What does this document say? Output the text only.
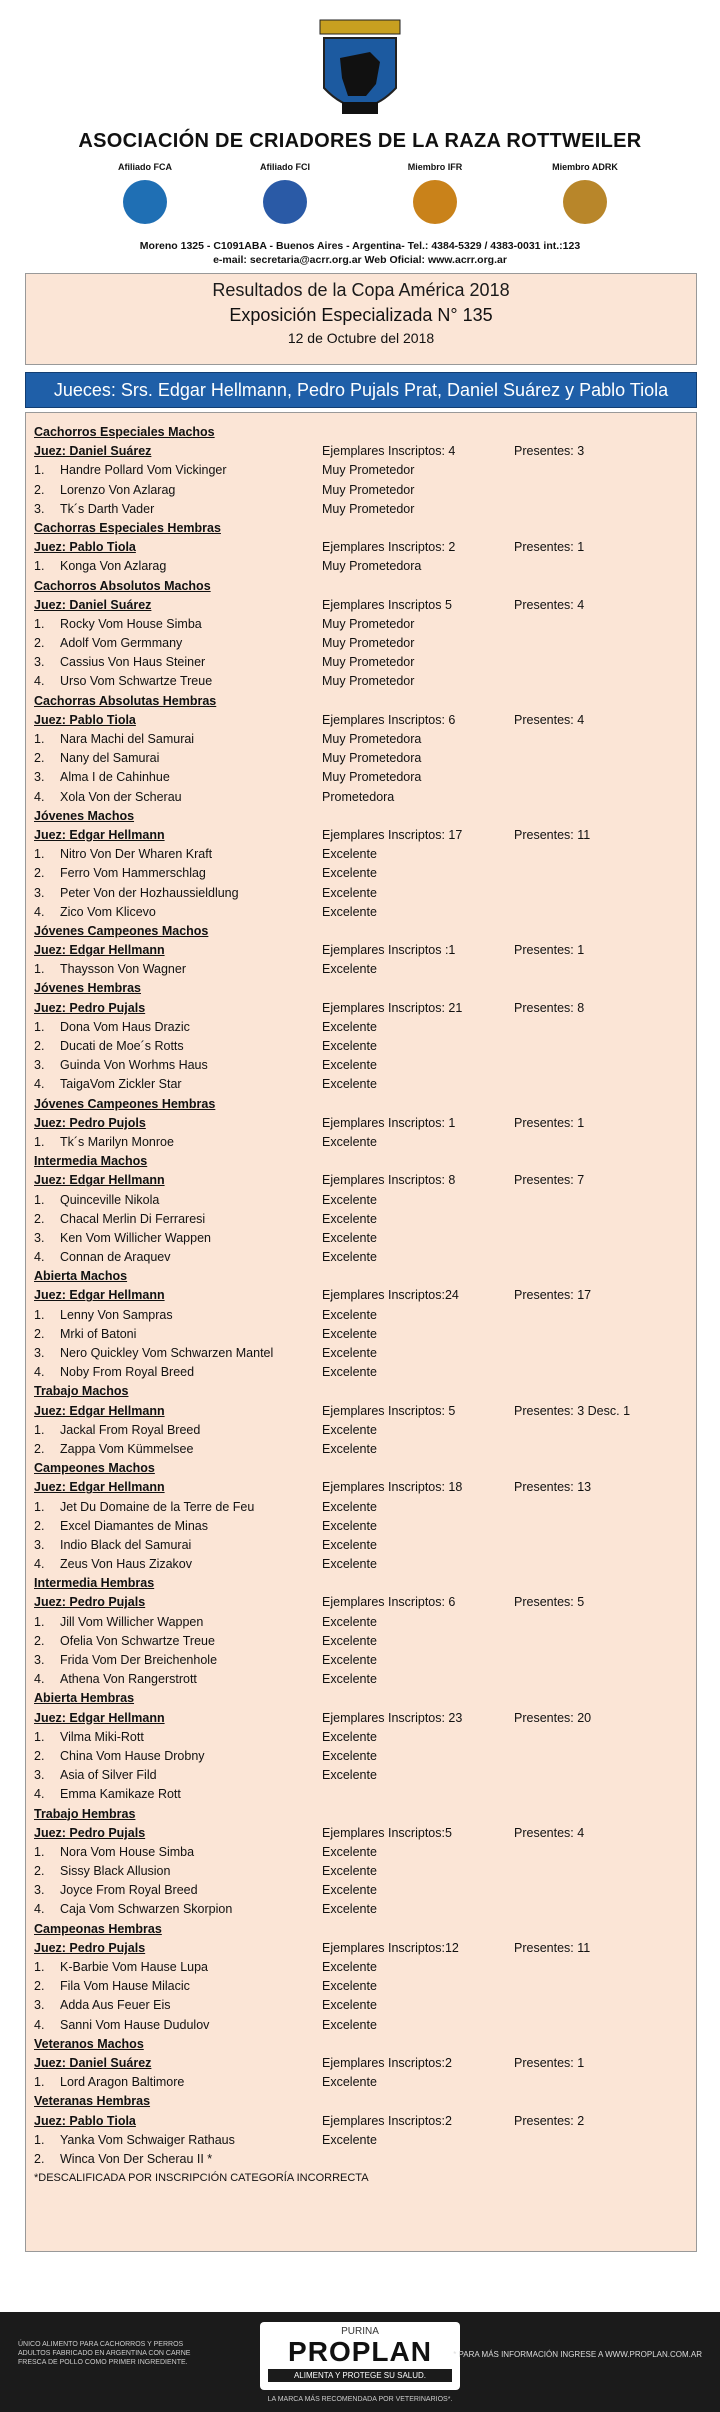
ASOCIACIÓN DE CRIADORES DE LA RAZA ROTTWEILER
Afiliado FCA	Afiliado FCI	Miembro IFR	Miembro ADRK
Moreno 1325 - C1091ABA - Buenos Aires - Argentina- Tel.: 4384-5329 / 4383-0031 int.:123
e-mail: secretaria@acrr.org.ar Web Oficial: www.acrr.org.ar
Resultados de la Copa América 2018
Exposición Especializada N° 135
12 de Octubre del 2018
Jueces: Srs. Edgar Hellmann, Pedro Pujals Prat, Daniel Suárez y Pablo Tiola
Cachorros Especiales Machos
Juez: Daniel Suárez	Ejemplares Inscriptos: 4	Presentes: 3
1. Handre Pollard Vom Vickinger	Muy Prometedor
2. Lorenzo Von Azlarag	Muy Prometedor
3. Tk´s Darth Vader	Muy Prometedor
Cachorras Especiales Hembras
Juez: Pablo Tiola	Ejemplares Inscriptos: 2	Presentes: 1
1. Konga Von Azlarag	Muy Prometedora
Cachorros Absolutos Machos
Juez: Daniel Suárez	Ejemplares Inscriptos 5	Presentes: 4
1. Rocky Vom House Simba	Muy Prometedor
2. Adolf Vom Germmany	Muy Prometedor
3. Cassius Von Haus Steiner	Muy Prometedor
4. Urso Vom Schwartze Treue	Muy Prometedor
Cachorras Absolutas Hembras
Juez: Pablo Tiola	Ejemplares Inscriptos: 6	Presentes: 4
1. Nara Machi del Samurai	Muy Prometedora
2. Nany del Samurai	Muy Prometedora
3. Alma I de Cahinhue	Muy Prometedora
4. Xola Von der Scherau	Prometedora
Jóvenes Machos
Juez: Edgar Hellmann	Ejemplares Inscriptos: 17	Presentes: 11
1. Nitro Von Der Wharen Kraft	Excelente
2. Ferro Vom Hammerschlag	Excelente
3. Peter Von der Hozhaussieldlung	Excelente
4. Zico Vom Klicevo	Excelente
Jóvenes Campeones Machos
Juez: Edgar Hellmann	Ejemplares Inscriptos :1	Presentes: 1
1. Thaysson Von Wagner	Excelente
Jóvenes Hembras
Juez: Pedro Pujals	Ejemplares Inscriptos: 21	Presentes: 8
1. Dona Vom Haus Drazic	Excelente
2. Ducati de Moe´s Rotts	Excelente
3. Guinda Von Worhms Haus	Excelente
4. TaigaVom Zickler Star	Excelente
Jóvenes Campeones Hembras
Juez: Pedro Pujols	Ejemplares Inscriptos: 1	Presentes: 1
1. Tk´s Marilyn Monroe	Excelente
Intermedia Machos
Juez: Edgar Hellmann	Ejemplares Inscriptos: 8	Presentes: 7
1. Quinceville Nikola	Excelente
2. Chacal Merlin Di Ferraresi	Excelente
3. Ken Vom Willicher Wappen	Excelente
4. Connan de Araquev	Excelente
Abierta Machos
Juez: Edgar Hellmann	Ejemplares Inscriptos:24	Presentes: 17
1. Lenny Von Sampras	Excelente
2. Mrki of Batoni	Excelente
3. Nero Quickley Vom Schwarzen Mantel	Excelente
4. Noby From Royal Breed	Excelente
Trabajo Machos
Juez: Edgar Hellmann	Ejemplares Inscriptos: 5	Presentes: 3 Desc. 1
1. Jackal From Royal Breed	Excelente
2. Zappa Vom Kümmelsee	Excelente
Campeones Machos
Juez: Edgar Hellmann	Ejemplares Inscriptos: 18	Presentes: 13
1. Jet Du Domaine de la Terre de Feu	Excelente
2. Excel Diamantes de Minas	Excelente
3. Indio Black del Samurai	Excelente
4. Zeus Von Haus Zizakov	Excelente
Intermedia Hembras
Juez: Pedro Pujals	Ejemplares Inscriptos: 6	Presentes: 5
1. Jill Vom Willicher Wappen	Excelente
2. Ofelia Von Schwartze Treue	Excelente
3. Frida Vom Der Breichenhole	Excelente
4. Athena Von Rangerstrott	Excelente
Abierta Hembras
Juez: Edgar Hellmann	Ejemplares Inscriptos: 23	Presentes: 20
1. Vilma Miki-Rott	Excelente
2. China Vom Hause Drobny	Excelente
3. Asia of Silver Fild	Excelente
4. Emma Kamikaze Rott
Trabajo Hembras
Juez: Pedro Pujals	Ejemplares Inscriptos:5	Presentes: 4
1. Nora Vom House Simba	Excelente
2. Sissy Black Allusion	Excelente
3. Joyce From Royal Breed	Excelente
4. Caja Vom Schwarzen Skorpion	Excelente
Campeonas Hembras
Juez: Pedro Pujals	Ejemplares Inscriptos:12	Presentes: 11
1. K-Barbie Vom Hause Lupa	Excelente
2. Fila Vom Hause Milacic	Excelente
3. Adda Aus Feuer Eis	Excelente
4. Sanni Vom Hause Dudulov	Excelente
Veteranos Machos
Juez: Daniel Suárez	Ejemplares Inscriptos:2	Presentes: 1
1. Lord Aragon Baltimore	Excelente
Veteranas Hembras
Juez: Pablo Tiola	Ejemplares Inscriptos:2	Presentes: 2
1. Yanka Vom Schwaiger Rathaus	Excelente
2. Winca Von Der Scherau II *
*DESCALIFICADA POR INSCRIPCIÓN CATEGORÍA INCORRECTA
ÚNICO ALIMENTO PARA CACHORROS Y PERROS ADULTOS FABRICADO EN ARGENTINA CON CARNE FRESCA DE POLLO COMO PRIMER INGREDIENTE.
PURINA
PROPLAN
ALIMENTA Y PROTEGE SU SALUD.
* PARA MÁS INFORMACIÓN INGRESE A WWW.PROPLAN.COM.AR
LA MARCA MÁS RECOMENDADA POR VETERINARIOS*.
